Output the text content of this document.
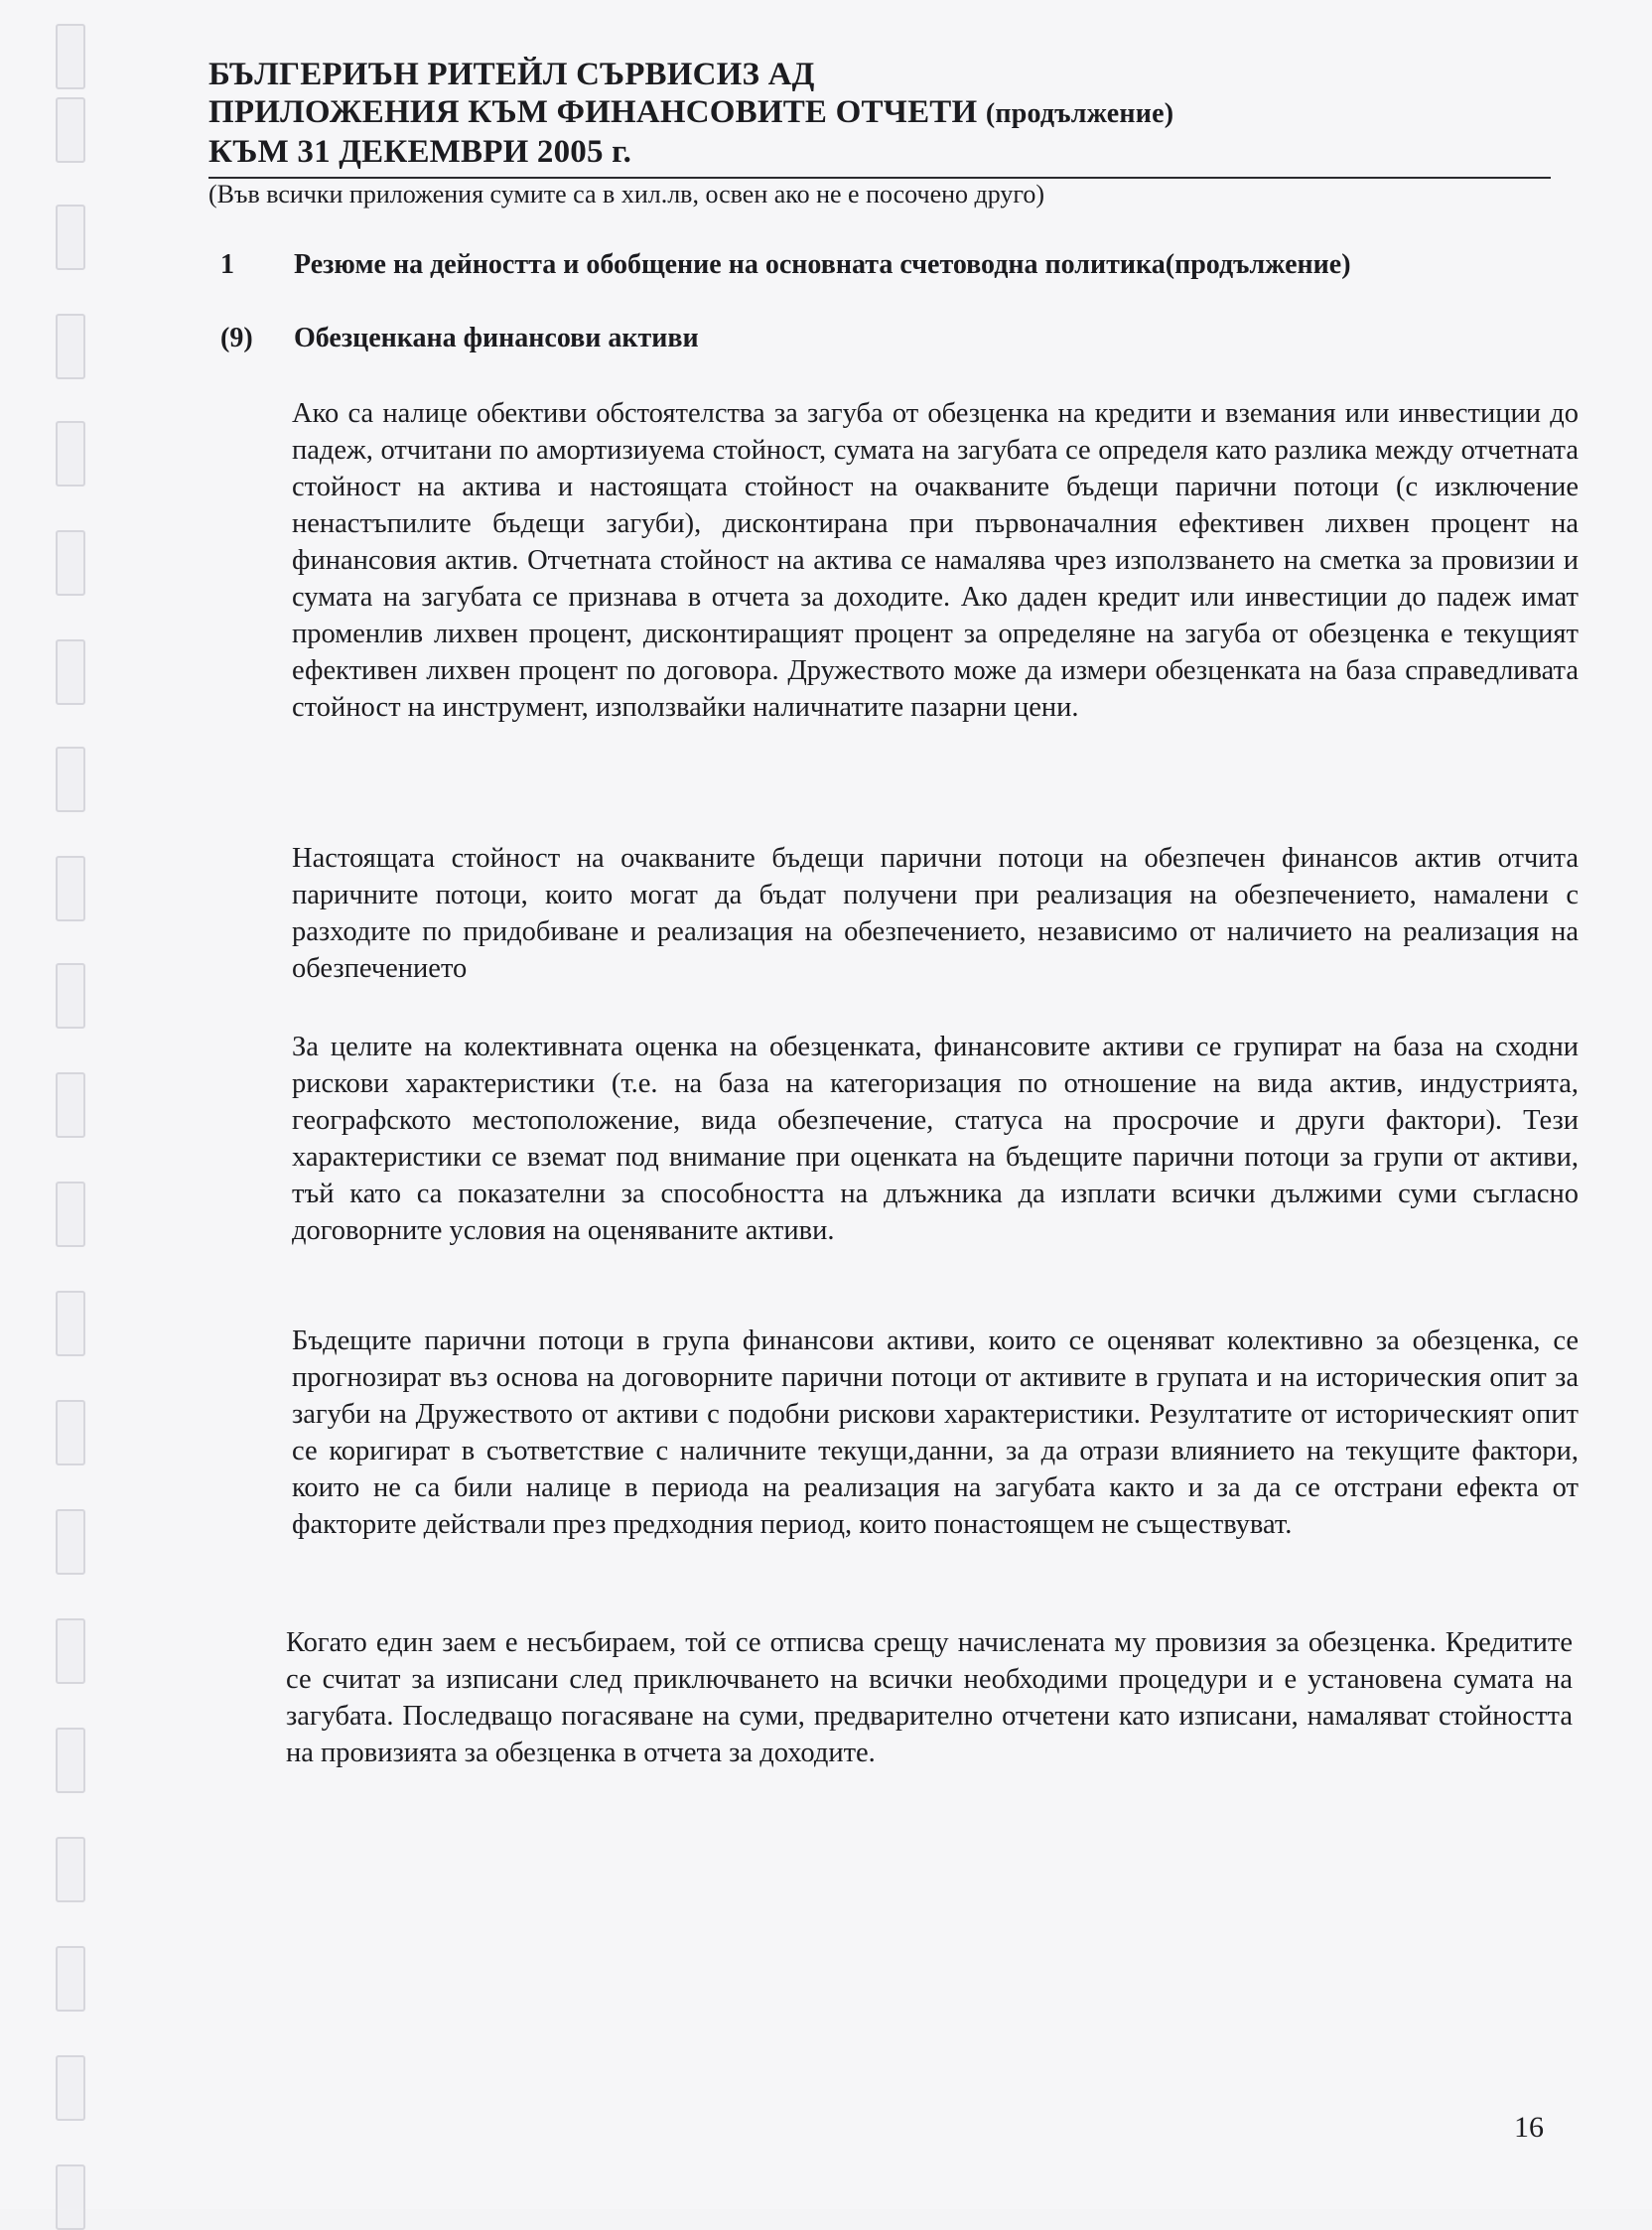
БЪЛГЕРИЪН РИТЕЙЛ СЪРВИСИЗ АД
ПРИЛОЖЕНИЯ КЪМ ФИНАНСОВИТЕ ОТЧЕТИ (продължение)
КЪМ 31 ДЕКЕМВРИ 2005 г.
(Във всички приложения сумите са в хил.лв, освен ако не е посочено друго)
1 Резюме на дейността и обобщение на основната счетоводна политика(продължение)
(9) Обезценкана финансови активи
Ако са налице обективи обстоятелства за загуба от обезценка на кредити и вземания или инвестиции до падеж, отчитани по амортизиуема стойност, сумата на загубата се определя като разлика между отчетната стойност на актива и настоящата стойност на очакваните бъдещи парични потоци (с изключение ненастъпилите бъдещи загуби), дисконтирана при първоначалния ефективен лихвен процент на финансовия актив. Отчетната стойност на актива се намалява чрез използването на сметка за провизии и сумата на загубата се признава в отчета за доходите. Ако даден кредит или инвестиции до падеж имат променлив лихвен процент, дисконтиращият процент за определяне на загуба от обезценка е текущият ефективен лихвен процент по договора. Дружеството може да измери обезценката на база справедливата стойност на инструмент, използвайки наличнатите пазарни цени.
Настоящата стойност на очакваните бъдещи парични потоци на обезпечен финансов актив отчита паричните потоци, които могат да бъдат получени при реализация на обезпечението, намалени с разходите по придобиване и реализация на обезпечението, независимо от наличието на реализация на обезпечението
За целите на колективната оценка на обезценката, финансовите активи се групират на база на сходни рискови характеристики (т.е. на база на категоризация по отношение на вида актив, индустрията, географското местоположение, вида обезпечение, статуса на просрочие и други фактори). Тези характеристики се вземат под внимание при оценката на бъдещите парични потоци за групи от активи, тъй като са показателни за способността на длъжника да изплати всички дължими суми съгласно договорните условия на оценяваните активи.
Бъдещите парични потоци в група финансови активи, които се оценяват колективно за обезценка, се прогнозират въз основа на договорните парични потоци от активите в групата и на историческия опит за загуби на Дружеството от активи с подобни рискови характеристики. Резултатите от историческият опит се коригират в съответствие с наличните текущи,данни, за да отрази влиянието на текущите фактори, които не са били налице в периода на реализация на загубата както и за да се отстрани ефекта от факторите действали през предходния период, които понастоящем не съществуват.
Когато един заем е несъбираем, той се отписва срещу начислената му провизия за обезценка. Кредитите се считат за изписани след приключването на всички необходими процедури и е установена сумата на загубата. Последващо погасяване на суми, предварително отчетени като изписани, намаляват стойността на провизията за обезценка в отчета за доходите.
16
